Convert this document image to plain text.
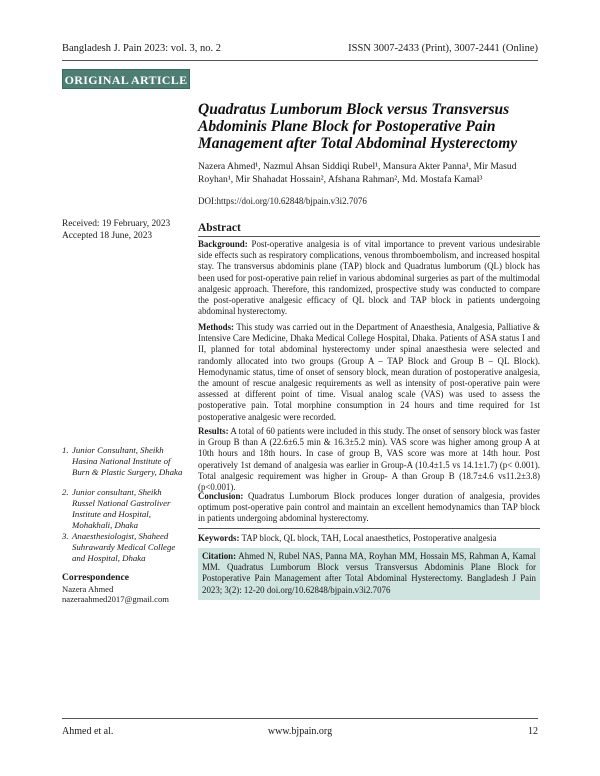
Bangladesh J. Pain 2023: vol. 3, no. 2	ISSN 3007-2433 (Print), 3007-2441 (Online)
ORIGINAL ARTICLE
Quadratus Lumborum Block versus Transversus Abdominis Plane Block for Postoperative Pain Management after Total Abdominal Hysterectomy
Nazera Ahmed¹, Nazmul Ahsan Siddiqi Rubel¹, Mansura Akter Panna¹, Mir Masud Royhan¹, Mir Shahadat Hossain², Afshana Rahman², Md. Mostafa Kamal³
DOI:https://doi.org/10.62848/bjpain.v3i2.7076
Received: 19 February, 2023
Accepted 18 June, 2023
1. Junior Consultant, Sheikh Hasina National Institute of Burn & Plastic Surgery, Dhaka
2. Junior consultant, Sheikh Russel National Gastroliver Institute and Hospital, Mohakhali, Dhaka
3. Anaesthesiologist, Shaheed Suhrawardy Medical College and Hospital, Dhaka
Correspondence
Nazera Ahmed
nazeraahmed2017@gmail.com
Abstract
Background: Post-operative analgesia is of vital importance to prevent various undesirable side effects such as respiratory complications, venous thromboembolism, and increased hospital stay. The transversus abdominis plane (TAP) block and Quadratus lumborum (QL) block has been used for post-operative pain relief in various abdominal surgeries as part of the multimodal analgesic approach. Therefore, this randomized, prospective study was conducted to compare the post-operative analgesic efficacy of QL block and TAP block in patients undergoing abdominal hysterectomy.
Methods: This study was carried out in the Department of Anaesthesia, Analgesia, Palliative & Intensive Care Medicine, Dhaka Medical College Hospital, Dhaka. Patients of ASA status I and II, planned for total abdominal hysterectomy under spinal anaesthesia were selected and randomly allocated into two groups (Group A – TAP Block and Group B – QL Block). Hemodynamic status, time of onset of sensory block, mean duration of postoperative analgesia, the amount of rescue analgesic requirements as well as intensity of post-operative pain were assessed at different point of time. Visual analog scale (VAS) was used to assess the postoperative pain. Total morphine consumption in 24 hours and time required for 1st postoperative analgesic were recorded.
Results: A total of 60 patients were included in this study. The onset of sensory block was faster in Group B than A (22.6±6.5 min & 16.3±5.2 min). VAS score was higher among group A at 10th hours and 18th hours. In case of group B, VAS score was more at 14th hour. Post operatively 1st demand of analgesia was earlier in Group-A (10.4±1.5 vs 14.1±1.7) (p< 0.001). Total analgesic requirement was higher in Group- A than Group B (18.7±4.6 vs11.2±3.8) (p<0.001).
Conclusion: Quadratus Lumborum Block produces longer duration of analgesia, provides optimum post-operative pain control and maintain an excellent hemodynamics than TAP block in patients undergoing abdominal hysterectomy.
Keywords: TAP block, QL block, TAH, Local anaesthetics, Postoperative analgesia
Citation: Ahmed N, Rubel NAS, Panna MA, Royhan MM, Hossain MS, Rahman A, Kamal MM. Quadratus Lumborum Block versus Transversus Abdominis Plane Block for Postoperative Pain Management after Total Abdominal Hysterectomy. Bangladesh J Pain 2023; 3(2): 12-20 doi.org/10.62848/bjpain.v3i2.7076
Ahmed et al.	www.bjpain.org	12
